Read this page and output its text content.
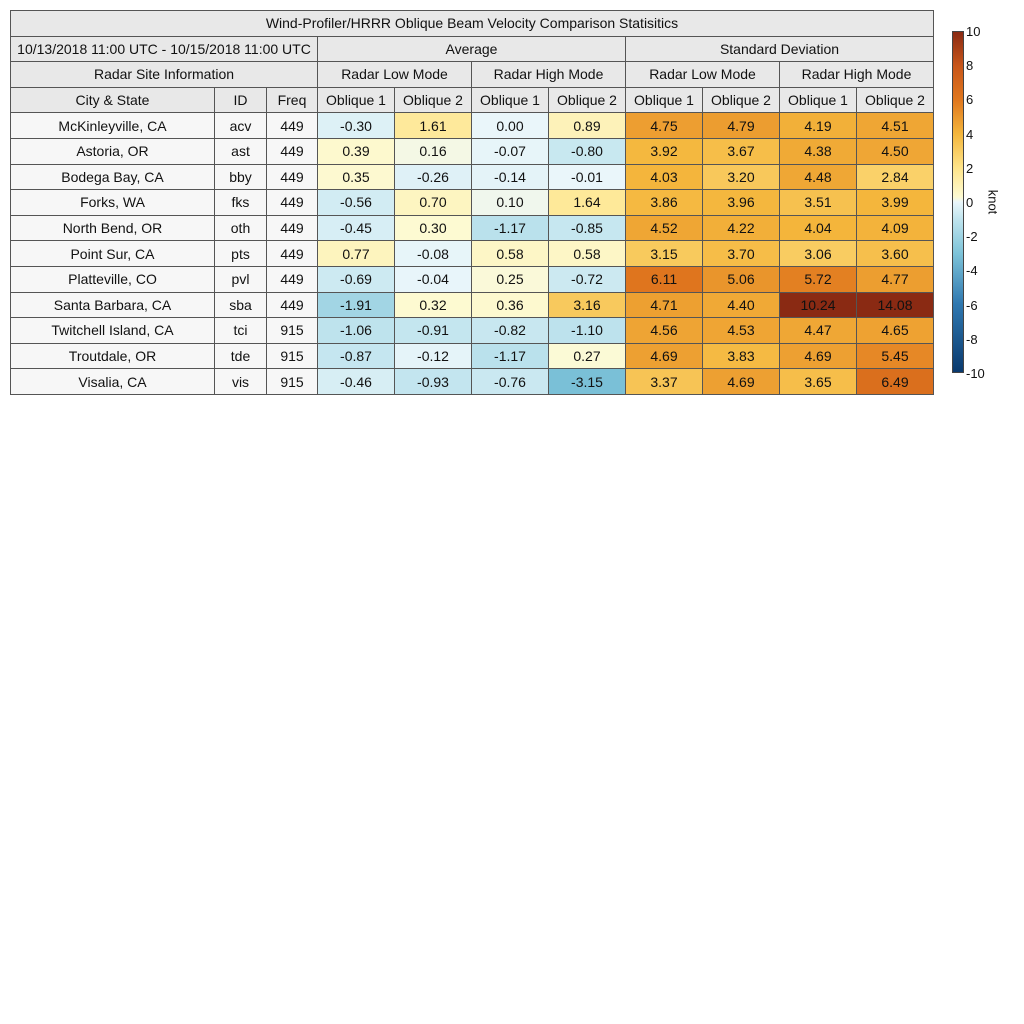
Wind-Profiler/HRRR Oblique Beam Velocity Comparison Statisitics										
10/13/2018 11:00 UTC - 10/15/2018 11:00 UTC			Average				Standard Deviation			
Radar Site Information			Radar Low Mode		Radar High Mode		Radar Low Mode		Radar High Mode	
City & State	ID	Freq	Oblique 1	Oblique 2	Oblique 1	Oblique 2	Oblique 1	Oblique 2	Oblique 1	Oblique 2
McKinleyville, CA	acv	449	-0.30	1.61	0.00	0.89	4.75	4.79	4.19	4.51
Astoria, OR	ast	449	0.39	0.16	-0.07	-0.80	3.92	3.67	4.38	4.50
Bodega Bay, CA	bby	449	0.35	-0.26	-0.14	-0.01	4.03	3.20	4.48	2.84
Forks, WA	fks	449	-0.56	0.70	0.10	1.64	3.86	3.96	3.51	3.99
North Bend, OR	oth	449	-0.45	0.30	-1.17	-0.85	4.52	4.22	4.04	4.09
Point Sur, CA	pts	449	0.77	-0.08	0.58	0.58	3.15	3.70	3.06	3.60
Platteville, CO	pvl	449	-0.69	-0.04	0.25	-0.72	6.11	5.06	5.72	4.77
Santa Barbara, CA	sba	449	-1.91	0.32	0.36	3.16	4.71	4.40	10.24	14.08
Twitchell Island, CA	tci	915	-1.06	-0.91	-0.82	-1.10	4.56	4.53	4.47	4.65
Troutdale, OR	tde	915	-0.87	-0.12	-1.17	0.27	4.69	3.83	4.69	5.45
Visalia, CA	vis	915	-0.46	-0.93	-0.76	-3.15	3.37	4.69	3.65	6.49
10
8
6
4
2
0
-2
-4
-6
-8
-10
knot
